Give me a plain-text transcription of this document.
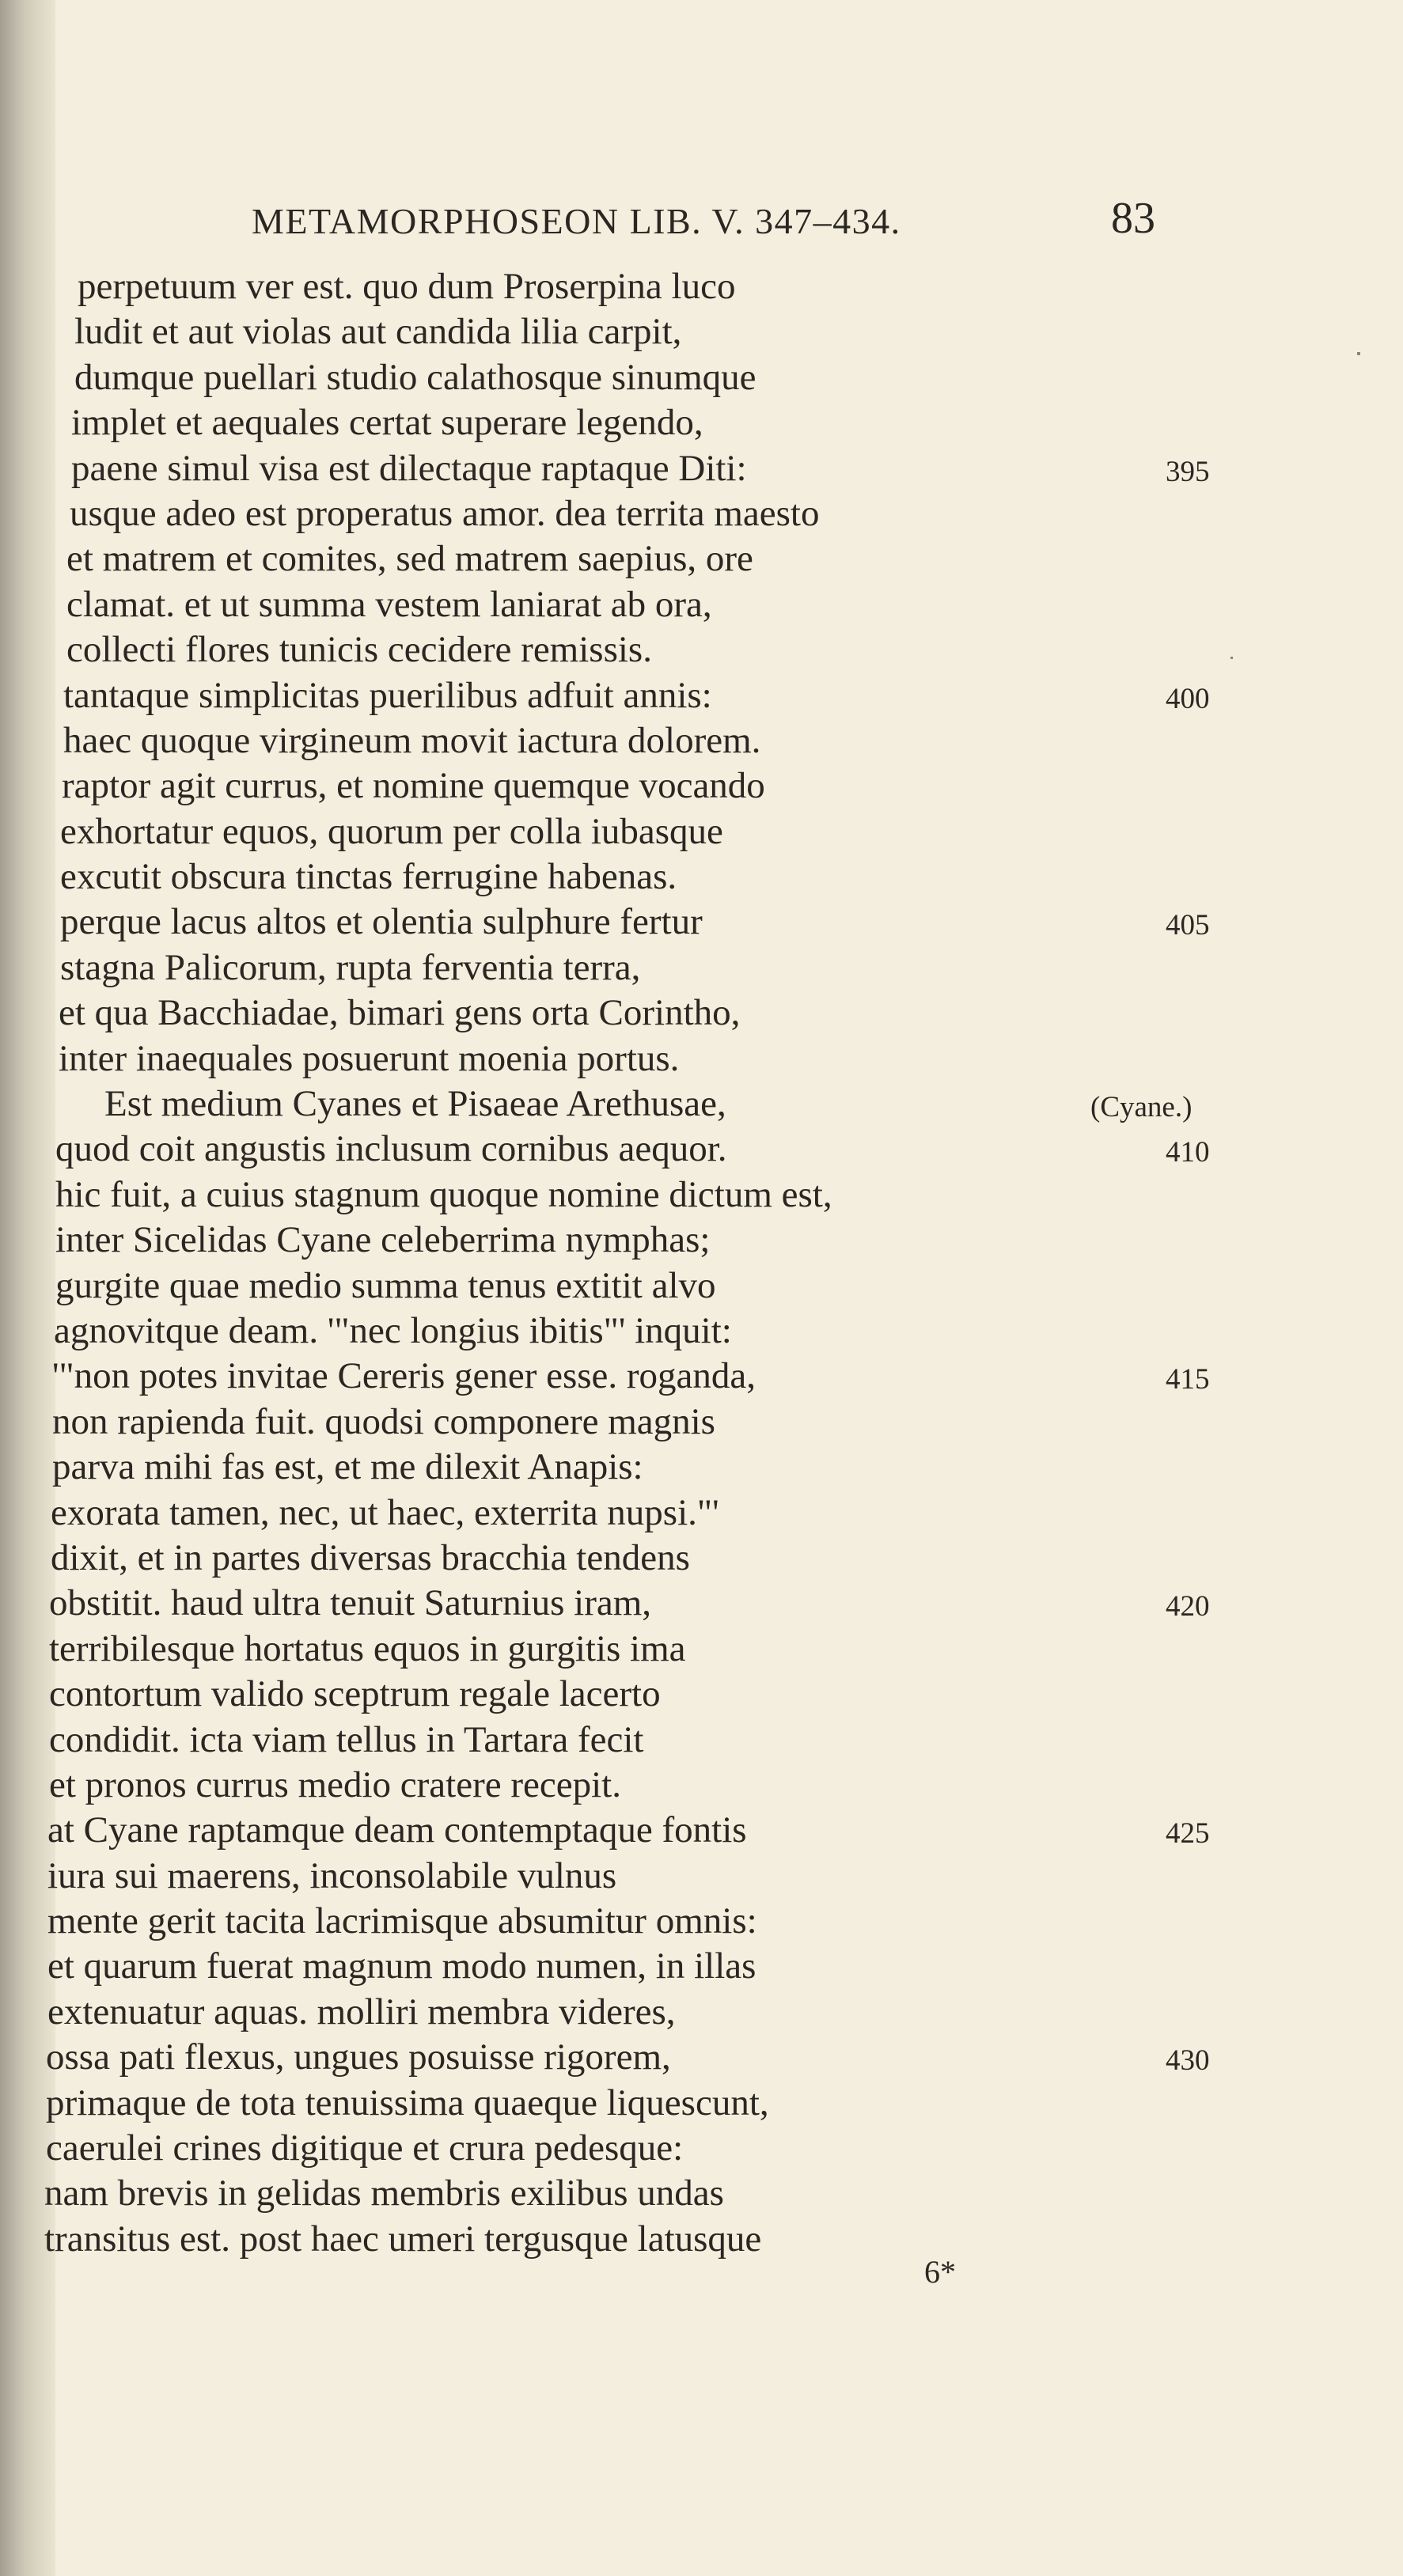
METAMORPHOSEON LIB. V. 347–434.	83
perpetuum ver est. quo dum Proserpina luco
ludit et aut violas aut candida lilia carpit,
dumque puellari studio calathosque sinumque
implet et aequales certat superare legendo,
paene simul visa est dilectaque raptaque Diti:	395
usque adeo est properatus amor. dea territa maesto
et matrem et comites, sed matrem saepius, ore
clamat. et ut summa vestem laniarat ab ora,
collecti flores tunicis cecidere remissis.
tantaque simplicitas puerilibus adfuit annis:	400
haec quoque virgineum movit iactura dolorem.
raptor agit currus, et nomine quemque vocando
exhortatur equos, quorum per colla iubasque
excutit obscura tinctas ferrugine habenas.
perque lacus altos et olentia sulphure fertur	405
stagna Palicorum, rupta ferventia terra,
et qua Bacchiadae, bimari gens orta Corintho,
inter inaequales posuerunt moenia portus.
Est medium Cyanes et Pisaeae Arethusae,	(Cyane.)
quod coit angustis inclusum cornibus aequor.	410
hic fuit, a cuius stagnum quoque nomine dictum est,
inter Sicelidas Cyane celeberrima nymphas;
gurgite quae medio summa tenus extitit alvo
agnovitque deam. '"nec longius ibitis"' inquit:
'"non potes invitae Cereris gener esse. roganda,	415
non rapienda fuit. quodsi componere magnis
parva mihi fas est, et me dilexit Anapis:
exorata tamen, nec, ut haec, exterrita nupsi."'
dixit, et in partes diversas bracchia tendens
obstitit. haud ultra tenuit Saturnius iram,	420
terribilesque hortatus equos in gurgitis ima
contortum valido sceptrum regale lacerto
condidit. icta viam tellus in Tartara fecit
et pronos currus medio cratere recepit.
at Cyane raptamque deam contemptaque fontis	425
iura sui maerens, inconsolabile vulnus
mente gerit tacita lacrimisque absumitur omnis:
et quarum fuerat magnum modo numen, in illas
extenuatur aquas. molliri membra videres,
ossa pati flexus, ungues posuisse rigorem,	430
primaque de tota tenuissima quaeque liquescunt,
caerulei crines digitique et crura pedesque:
nam brevis in gelidas membris exilibus undas
transitus est. post haec umeri tergusque latusque
6*
